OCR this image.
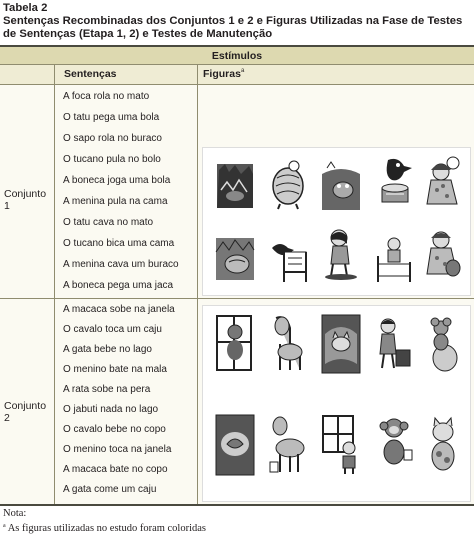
Tabela 2
Sentenças Recombinadas dos Conjuntos 1 e 2 e Figuras Utilizadas na Fase de Testes de Sentenças (Etapa 1, 2) e Testes de Manutenção
Estímulos
Sentenças	Figuras$^a$
Conjunto 1
A foca rola no mato
O tatu pega uma bola
O sapo rola no buraco
O tucano pula no bolo
A boneca joga uma bola
A menina pula na cama
O tatu cava no mato
O tucano bica uma cama
A menina cava um buraco
A boneca pega uma jaca
Conjunto 2
A macaca sobe na janela
O cavalo toca um caju
A gata bebe no lago
O menino bate na mala
A rata sobe na pera
O jabuti nada no lago
O cavalo bebe no copo
O menino toca na janela
A macaca bate no copo
A gata come um caju
Nota:
$^a$ As figuras utilizadas no estudo foram coloridas
